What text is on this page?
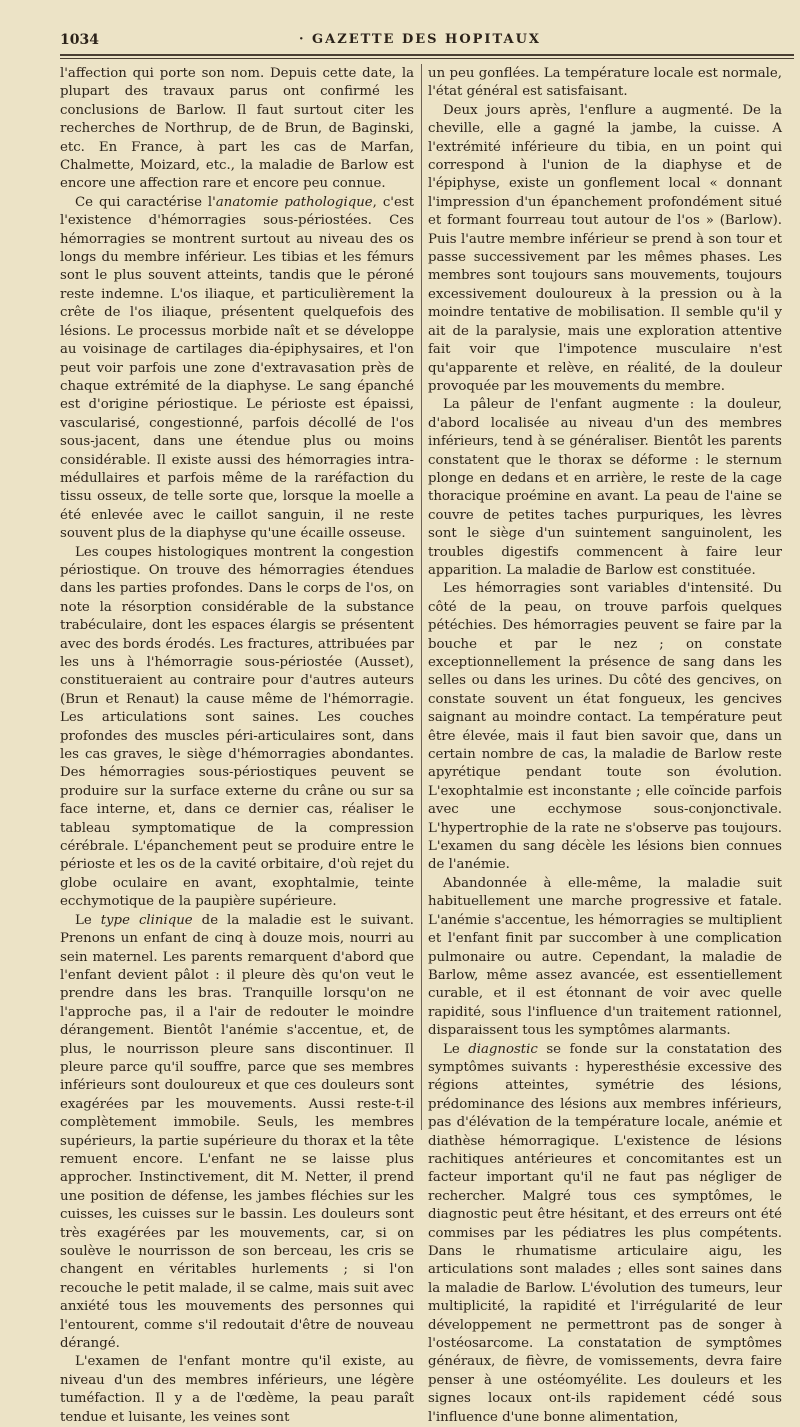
1034	· GAZETTE DES HOPITAUX

l'affection qui porte son nom. Depuis cette date, la plupart des travaux parus ont confirmé les conclusions de Barlow. Il faut surtout citer les recherches de Northrup, de de Brun, de Baginski, etc. En France, à part les cas de Marfan, Chalmette, Moizard, etc., la maladie de Barlow est encore une affection rare et encore peu connue.

Ce qui caractérise l'anatomie pathologique, c'est l'existence d'hémorragies sous-périostées. Ces hémorragies se montrent surtout au niveau des os longs du membre inférieur. Les tibias et les fémurs sont le plus souvent atteints, tandis que le péroné reste indemne. L'os iliaque, et particulièrement la crête de l'os iliaque, présentent quelquefois des lésions. Le processus morbide naît et se développe au voisinage de cartilages dia-épiphysaires, et l'on peut voir parfois une zone d'extravasation près de chaque extrémité de la diaphyse. Le sang épanché est d'origine périostique. Le périoste est épaissi, vascularisé, congestionné, parfois décollé de l'os sous-jacent, dans une étendue plus ou moins considérable. Il existe aussi des hémorragies intra-médullaires et parfois même de la raréfaction du tissu osseux, de telle sorte que, lorsque la moelle a été enlevée avec le caillot sanguin, il ne reste souvent plus de la diaphyse qu'une écaille osseuse.

Les coupes histologiques montrent la congestion périostique. On trouve des hémorragies étendues dans les parties profondes. Dans le corps de l'os, on note la résorption considérable de la substance trabéculaire, dont les espaces élargis se présentent avec des bords érodés. Les fractures, attribuées par les uns à l'hémorragie sous-périostée (Ausset), constitueraient au contraire pour d'autres auteurs (Brun et Renaut) la cause même de l'hémorragie. Les articulations sont saines. Les couches profondes des muscles péri-articulaires sont, dans les cas graves, le siège d'hémorragies abondantes. Des hémorragies sous-périostiques peuvent se produire sur la surface externe du crâne ou sur sa face interne, et, dans ce dernier cas, réaliser le tableau symptomatique de la compression cérébrale. L'épanchement peut se produire entre le périoste et les os de la cavité orbitaire, d'où rejet du globe oculaire en avant, exophtalmie, teinte ecchymotique de la paupière supérieure.

Le type clinique de la maladie est le suivant. Prenons un enfant de cinq à douze mois, nourri au sein maternel. Les parents remarquent d'abord que l'enfant devient pâlot : il pleure dès qu'on veut le prendre dans les bras. Tranquille lorsqu'on ne l'approche pas, il a l'air de redouter le moindre dérangement. Bientôt l'anémie s'accentue, et, de plus, le nourrisson pleure sans discontinuer. Il pleure parce qu'il souffre, parce que ses membres inférieurs sont douloureux et que ces douleurs sont exagérées par les mouvements. Aussi reste-t-il complètement immobile. Seuls, les membres supérieurs, la partie supérieure du thorax et la tête remuent encore. L'enfant ne se laisse plus approcher. Instinctivement, dit M. Netter, il prend une position de défense, les jambes fléchies sur les cuisses, les cuisses sur le bassin. Les douleurs sont très exagérées par les mouvements, car, si on soulève le nourrisson de son berceau, les cris se changent en véritables hurlements ; si l'on recouche le petit malade, il se calme, mais suit avec anxiété tous les mouvements des personnes qui l'entourent, comme s'il redoutait d'être de nouveau dérangé.

L'examen de l'enfant montre qu'il existe, au niveau d'un des membres inférieurs, une légère tuméfaction. Il y a de l'œdème, la peau paraît tendue et luisante, les veines sont

un peu gonflées. La température locale est normale, l'état général est satisfaisant.

Deux jours après, l'enflure a augmenté. De la cheville, elle a gagné la jambe, la cuisse. A l'extrémité inférieure du tibia, en un point qui correspond à l'union de la diaphyse et de l'épiphyse, existe un gonflement local « donnant l'impression d'un épanchement profondément situé et formant fourreau tout autour de l'os » (Barlow). Puis l'autre membre inférieur se prend à son tour et passe successivement par les mêmes phases. Les membres sont toujours sans mouvements, toujours excessivement douloureux à la pression ou à la moindre tentative de mobilisation. Il semble qu'il y ait de la paralysie, mais une exploration attentive fait voir que l'impotence musculaire n'est qu'apparente et relève, en réalité, de la douleur provoquée par les mouvements du membre.

La pâleur de l'enfant augmente : la douleur, d'abord localisée au niveau d'un des membres inférieurs, tend à se généraliser. Bientôt les parents constatent que le thorax se déforme : le sternum plonge en dedans et en arrière, le reste de la cage thoracique proémine en avant. La peau de l'aine se couvre de petites taches purpuriques, les lèvres sont le siège d'un suintement sanguinolent, les troubles digestifs commencent à faire leur apparition. La maladie de Barlow est constituée.

Les hémorragies sont variables d'intensité. Du côté de la peau, on trouve parfois quelques pétéchies. Des hémorragies peuvent se faire par la bouche et par le nez ; on constate exceptionnellement la présence de sang dans les selles ou dans les urines. Du côté des gencives, on constate souvent un état fongueux, les gencives saignant au moindre contact. La température peut être élevée, mais il faut bien savoir que, dans un certain nombre de cas, la maladie de Barlow reste apyrétique pendant toute son évolution. L'exophtalmie est inconstante ; elle coïncide parfois avec une ecchymose sous-conjonctivale. L'hypertrophie de la rate ne s'observe pas toujours. L'examen du sang décèle les lésions bien connues de l'anémie.

Abandonnée à elle-même, la maladie suit habituellement une marche progressive et fatale. L'anémie s'accentue, les hémorragies se multiplient et l'enfant finit par succomber à une complication pulmonaire ou autre. Cependant, la maladie de Barlow, même assez avancée, est essentiellement curable, et il est étonnant de voir avec quelle rapidité, sous l'influence d'un traitement rationnel, disparaissent tous les symptômes alarmants.

Le diagnostic se fonde sur la constatation des symptômes suivants : hyperesthésie excessive des régions atteintes, symétrie des lésions, prédominance des lésions aux membres inférieurs, pas d'élévation de la température locale, anémie et diathèse hémorragique. L'existence de lésions rachitiques antérieures et concomitantes est un facteur important qu'il ne faut pas négliger de rechercher. Malgré tous ces symptômes, le diagnostic peut être hésitant, et des erreurs ont été commises par les pédiatres les plus compétents. Dans le rhumatisme articulaire aigu, les articulations sont malades ; elles sont saines dans la maladie de Barlow. L'évolution des tumeurs, leur multiplicité, la rapidité et l'irrégularité de leur développement ne permettront pas de songer à l'ostéosarcome. La constatation de symptômes généraux, de fièvre, de vomissements, devra faire penser à une ostéomyélite. Les douleurs et les signes locaux ont-ils rapidement cédé sous l'influence d'une bonne alimentation,
